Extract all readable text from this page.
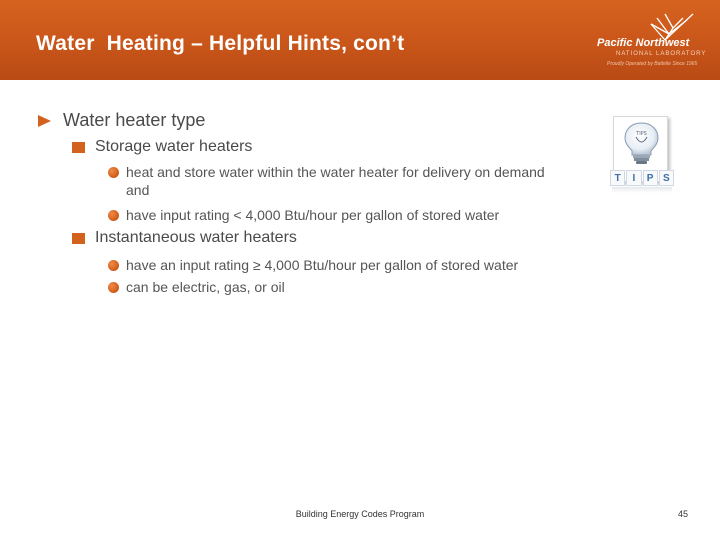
Water  Heating – Helpful Hints, con’t	Pacific Northwest
NATIONAL LABORATORY
Proudly Operated by Battelle Since 1965
Water heater type
Storage water heaters
heat and store water within the water heater for delivery on demand and
have input rating < 4,000 Btu/hour per gallon of stored water
Instantaneous water heaters
have an input rating ≥ 4,000 Btu/hour per gallon of stored water
can be electric, gas, or oil
TIPS
T	I	P S
Building Energy Codes Program	45
